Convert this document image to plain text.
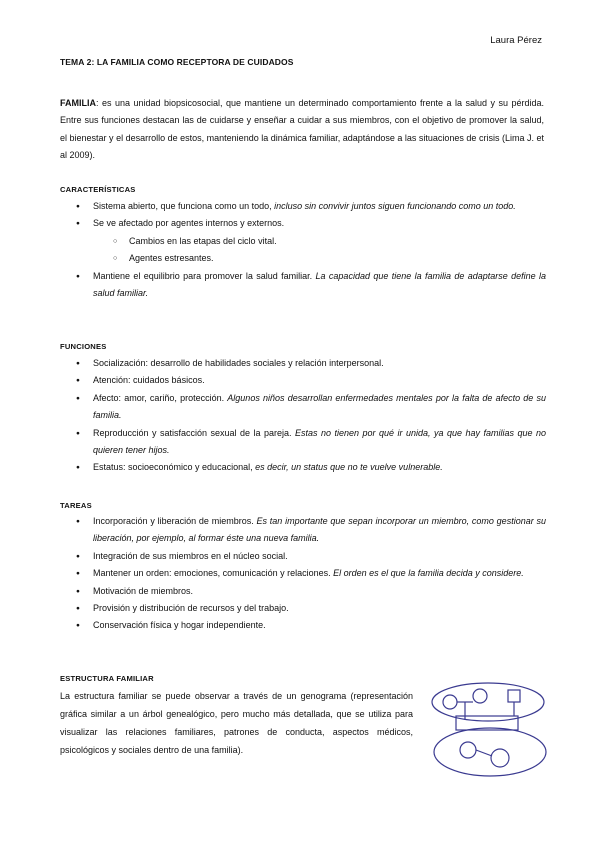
Laura Pérez
TEMA 2: LA FAMILIA COMO RECEPTORA DE CUIDADOS
FAMILIA: es una unidad biopsicosocial, que mantiene un determinado comportamiento frente a la salud y su pérdida. Entre sus funciones destacan las de cuidarse y enseñar a cuidar a sus miembros, con el objetivo de promover la salud, el bienestar y el desarrollo de estos, manteniendo la dinámica familiar, adaptándose a las situaciones de crisis (Lima J. et al 2009).
CARACTERÍSTICAS
● Sistema abierto, que funciona como un todo, incluso sin convivir juntos siguen funcionando como un todo.
● Se ve afectado por agentes internos y externos.
○ Cambios en las etapas del ciclo vital.
○ Agentes estresantes.
● Mantiene el equilibrio para promover la salud familiar. La capacidad que tiene la familia de adaptarse define la salud familiar.
FUNCIONES
● Socialización: desarrollo de habilidades sociales y relación interpersonal.
● Atención: cuidados básicos.
● Afecto: amor, cariño, protección. Algunos niños desarrollan enfermedades mentales por la falta de afecto de su familia.
● Reproducción y satisfacción sexual de la pareja. Estas no tienen por qué ir unida, ya que hay familias que no quieren tener hijos.
● Estatus: socioeconómico y educacional, es decir, un status que no te vuelve vulnerable.
TAREAS
● Incorporación y liberación de miembros. Es tan importante que sepan incorporar un miembro, como gestionar su liberación, por ejemplo, al formar éste una nueva familia.
● Integración de sus miembros en el núcleo social.
● Mantener un orden: emociones, comunicación y relaciones. El orden es el que la familia decida y considere.
● Motivación de miembros.
● Provisión y distribución de recursos y del trabajo.
● Conservación física y hogar independiente.
ESTRUCTURA FAMILIAR
La estructura familiar se puede observar a través de un genograma (representación gráfica similar a un árbol genealógico, pero mucho más detallada, que se utiliza para visualizar las relaciones familiares, patrones de conducta, aspectos médicos, psicológicos y sociales dentro de una familia).
